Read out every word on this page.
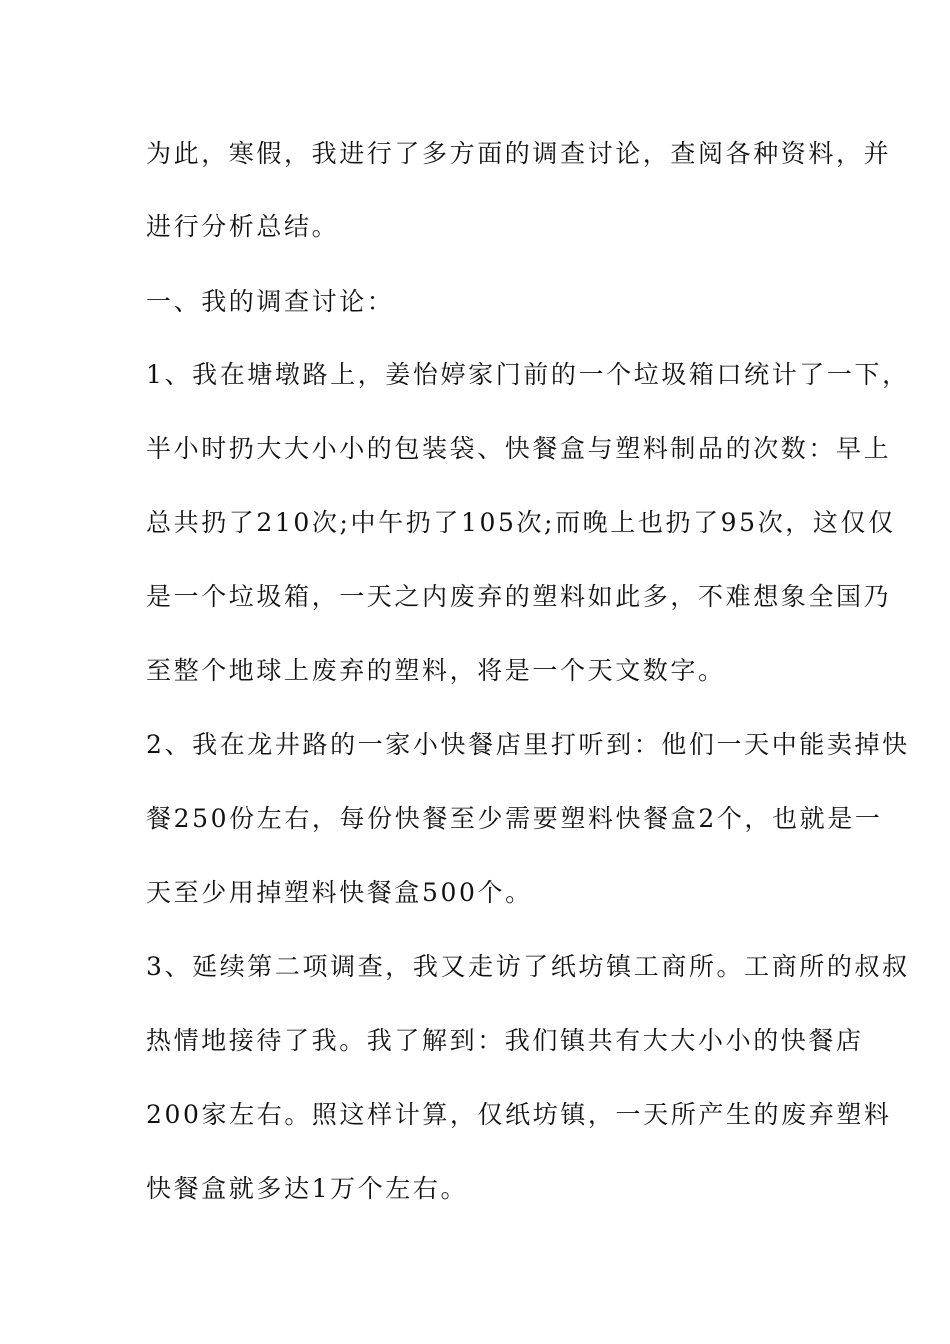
为此，寒假，我进行了多方面的调查讨论，查阅各种资料，并
进行分析总结。
一、我的调查讨论：
1、我在塘墩路上，姜怡婷家门前的一个垃圾箱口统计了一下，
半小时扔大大小小的包装袋、快餐盒与塑料制品的次数：早上
总共扔了210次;中午扔了105次;而晚上也扔了95次，这仅仅
是一个垃圾箱，一天之内废弃的塑料如此多，不难想象全国乃
至整个地球上废弃的塑料，将是一个天文数字。
2、我在龙井路的一家小快餐店里打听到：他们一天中能卖掉快
餐250份左右，每份快餐至少需要塑料快餐盒2个，也就是一
天至少用掉塑料快餐盒500个。
3、延续第二项调查，我又走访了纸坊镇工商所。工商所的叔叔
热情地接待了我。我了解到：我们镇共有大大小小的快餐店
200家左右。照这样计算，仅纸坊镇，一天所产生的废弃塑料
快餐盒就多达1万个左右。
